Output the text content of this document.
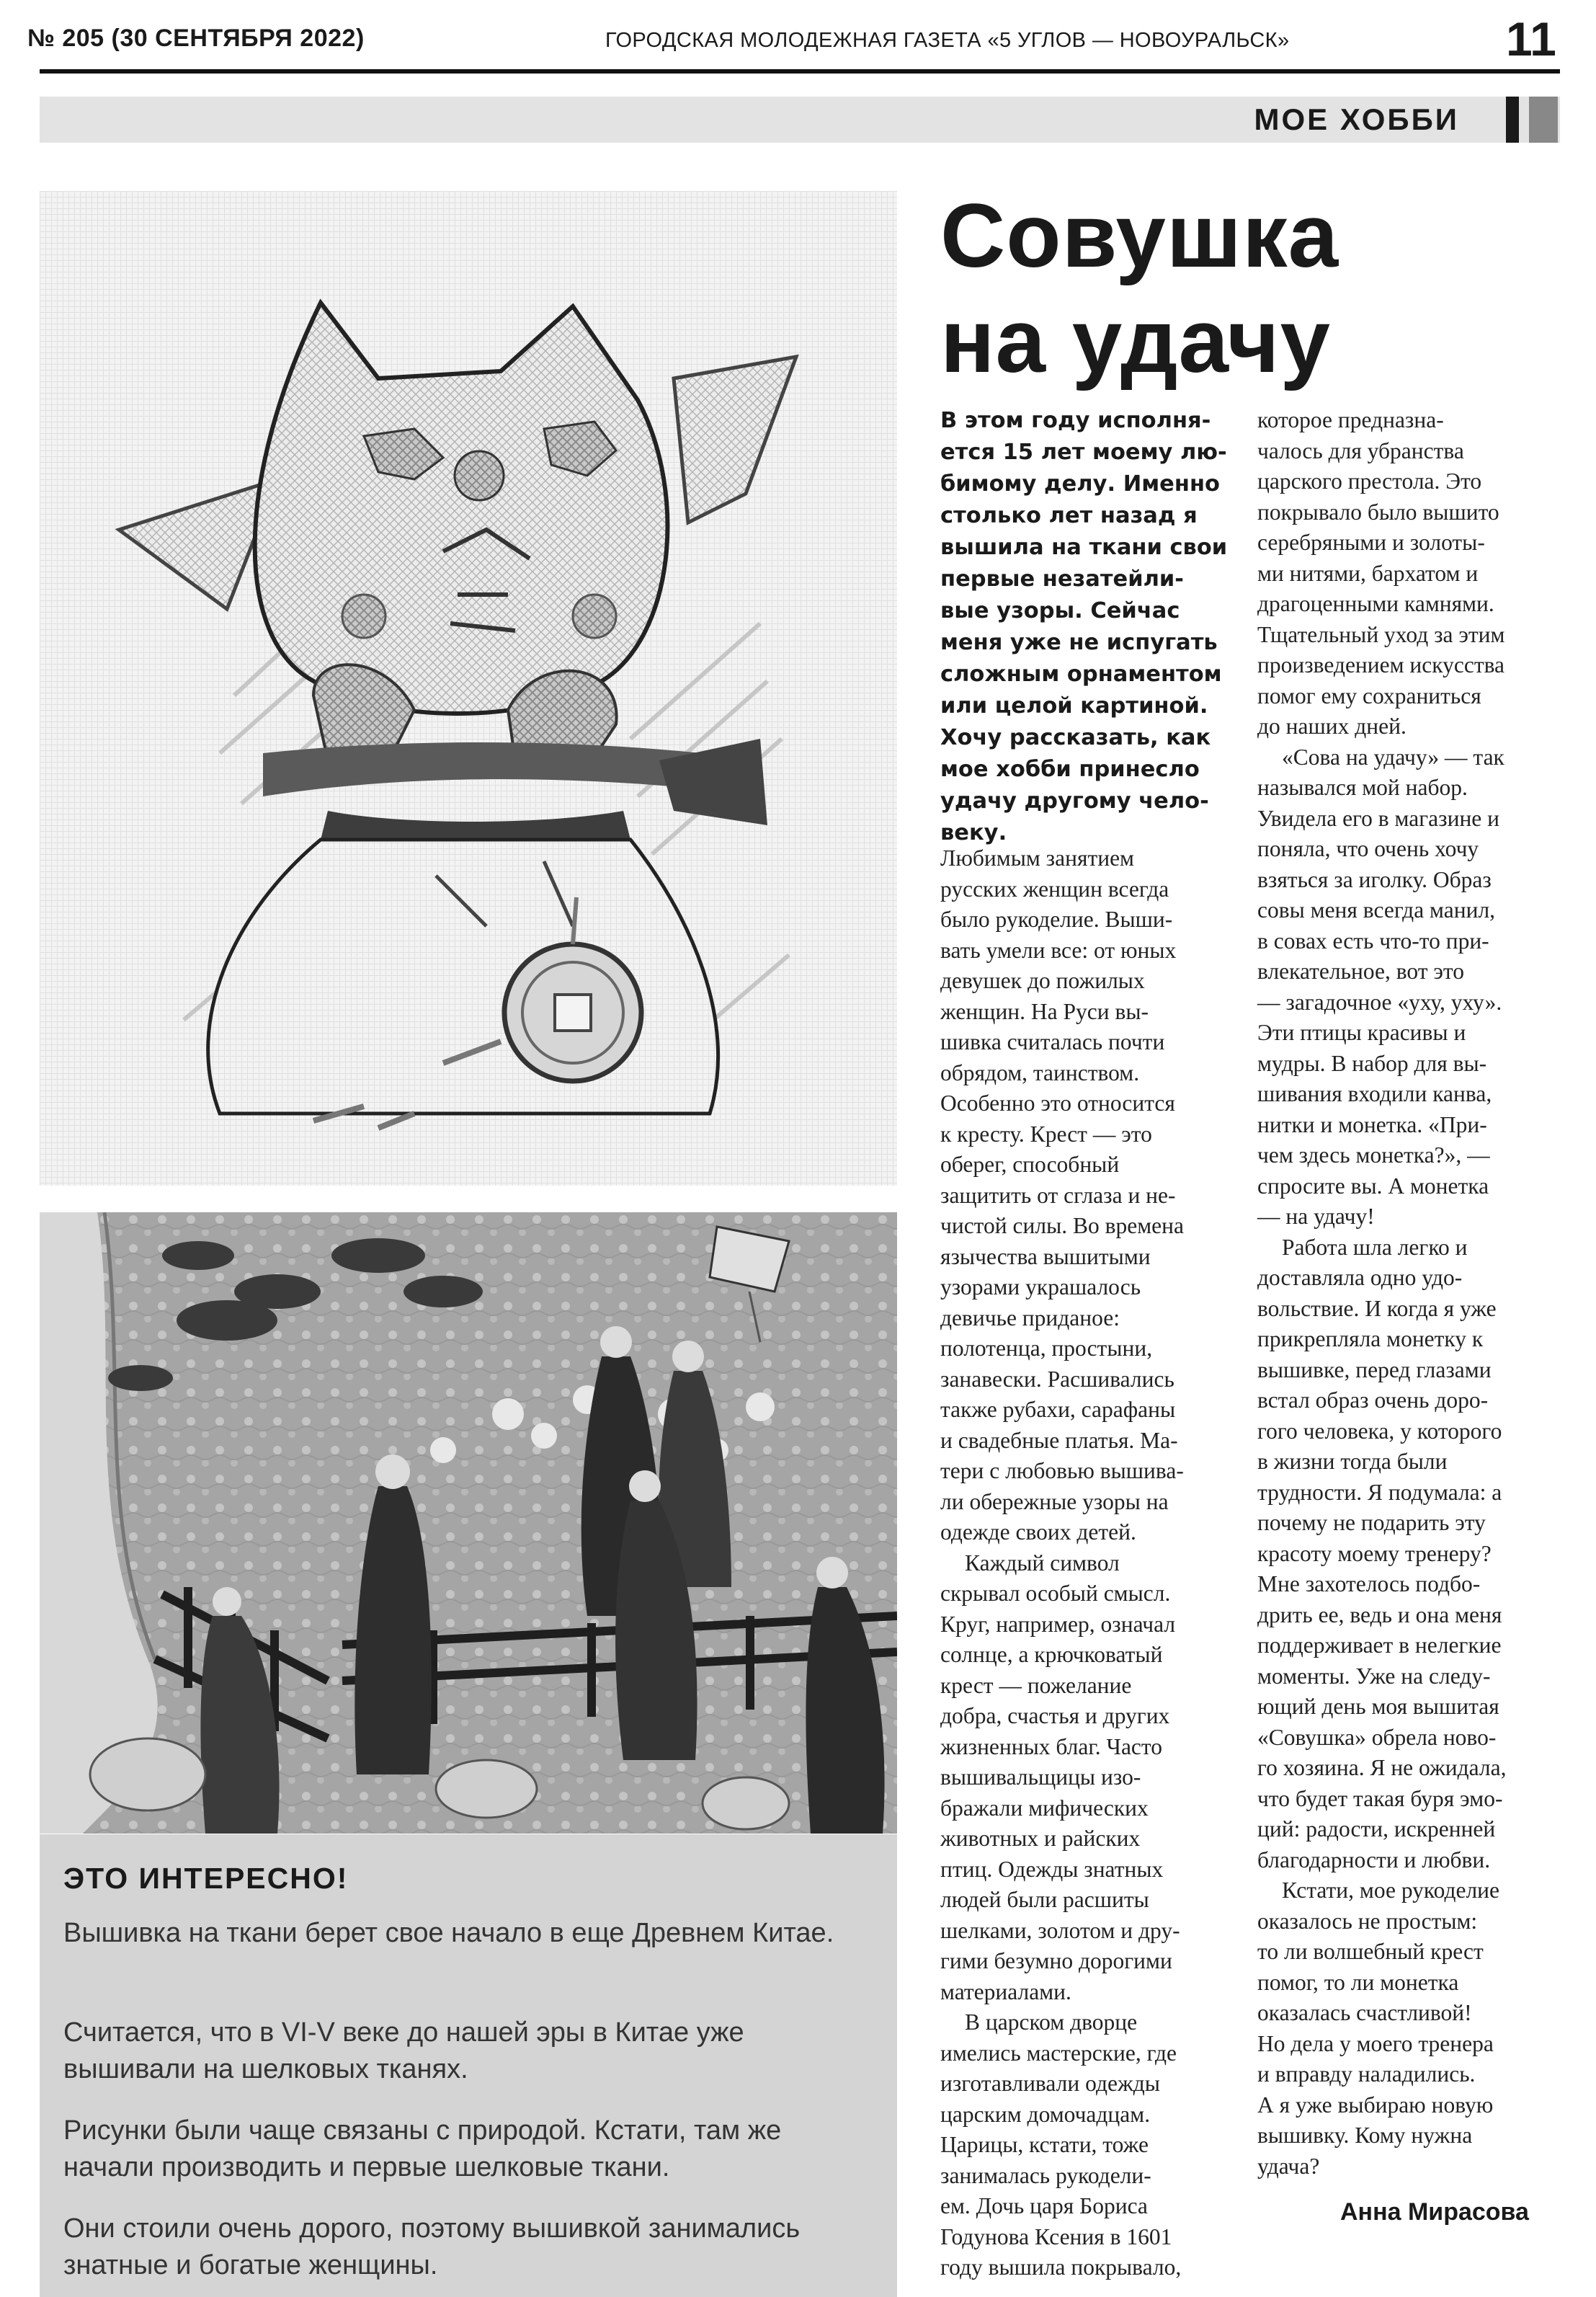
№ 205 (30 СЕНТЯБРЯ 2022)	ГОРОДСКАЯ МОЛОДЕЖНАЯ ГАЗЕТА «5 УГЛОВ — НОВОУРАЛЬСК»	11
МОЕ ХОББИ
ЭТО ИНТЕРЕСНО!

Вышивка на ткани берет свое начало в еще Древнем Китае.

Считается, что в VI-V веке до нашей эры в Китае уже вышивали на шелковых тканях.

Рисунки были чаще связаны с природой. Кстати, там же начали производить и первые шелковые ткани.

Они стоили очень дорого, поэтому вышивкой занимались знатные и богатые женщины.

Совушка
на удачу
В этом году исполня-
ется 15 лет моему лю-
бимому делу. Именно
столько лет назад я
вышила на ткани свои
первые незатейли-
вые узоры. Сейчас
меня уже не испугать
сложным орнаментом
или целой картиной.
Хочу рассказать, как
мое хобби принесло
удачу другому чело-
веку.
Любимым занятием
русских женщин всегда
было рукоделие. Выши-
вать умели все: от юных
девушек до пожилых
женщин. На Руси вы-
шивка считалась почти
обрядом, таинством.
Особенно это относится
к кресту. Крест — это
оберег, способный
защитить от сглаза и не-
чистой силы. Во времена
язычества вышитыми
узорами украшалось
девичье приданое:
полотенца, простыни,
занавески. Расшивались
также рубахи, сарафаны
и свадебные платья. Ма-
тери с любовью вышива-
ли обережные узоры на
одежде своих детей.
Каждый символ
скрывал особый смысл.
Круг, например, означал
солнце, а крючковатый
крест — пожелание
добра, счастья и других
жизненных благ. Часто
вышивальщицы изо-
бражали мифических
животных и райских
птиц. Одежды знатных
людей были расшиты
шелками, золотом и дру-
гими безумно дорогими
материалами.
В царском дворце
имелись мастерские, где
изготавливали одежды
царским домочадцам.
Царицы, кстати, тоже
занималась рукодели-
ем. Дочь царя Бориса
Годунова Ксения в 1601
году вышила покрывало,
которое предназна-
чалось для убранства
царского престола. Это
покрывало было вышито
серебряными и золоты-
ми нитями, бархатом и
драгоценными камнями.
Тщательный уход за этим
произведением искусства
помог ему сохраниться
до наших дней.
«Сова на удачу» — так
назывался мой набор.
Увидела его в магазине и
поняла, что очень хочу
взяться за иголку. Образ
совы меня всегда манил,
в совах есть что-то при-
влекательное, вот это
— загадочное «уху, уху».
Эти птицы красивы и
мудры. В набор для вы-
шивания входили канва,
нитки и монетка. «При-
чем здесь монетка?», —
спросите вы. А монетка
— на удачу!
Работа шла легко и
доставляла одно удо-
вольствие. И когда я уже
прикрепляла монетку к
вышивке, перед глазами
встал образ очень доро-
гого человека, у которого
в жизни тогда были
трудности. Я подумала: а
почему не подарить эту
красоту моему тренеру?
Мне захотелось подбо-
дрить ее, ведь и она меня
поддерживает в нелегкие
моменты. Уже на следу-
ющий день моя вышитая
«Совушка» обрела ново-
го хозяина. Я не ожидала,
что будет такая буря эмо-
ций: радости, искренней
благодарности и любви.
Кстати, мое рукоделие
оказалось не простым:
то ли волшебный крест
помог, то ли монетка
оказалась счастливой!
Но дела у моего тренера
и вправду наладились.
А я уже выбираю новую
вышивку. Кому нужна
удача?
Анна Мирасова
